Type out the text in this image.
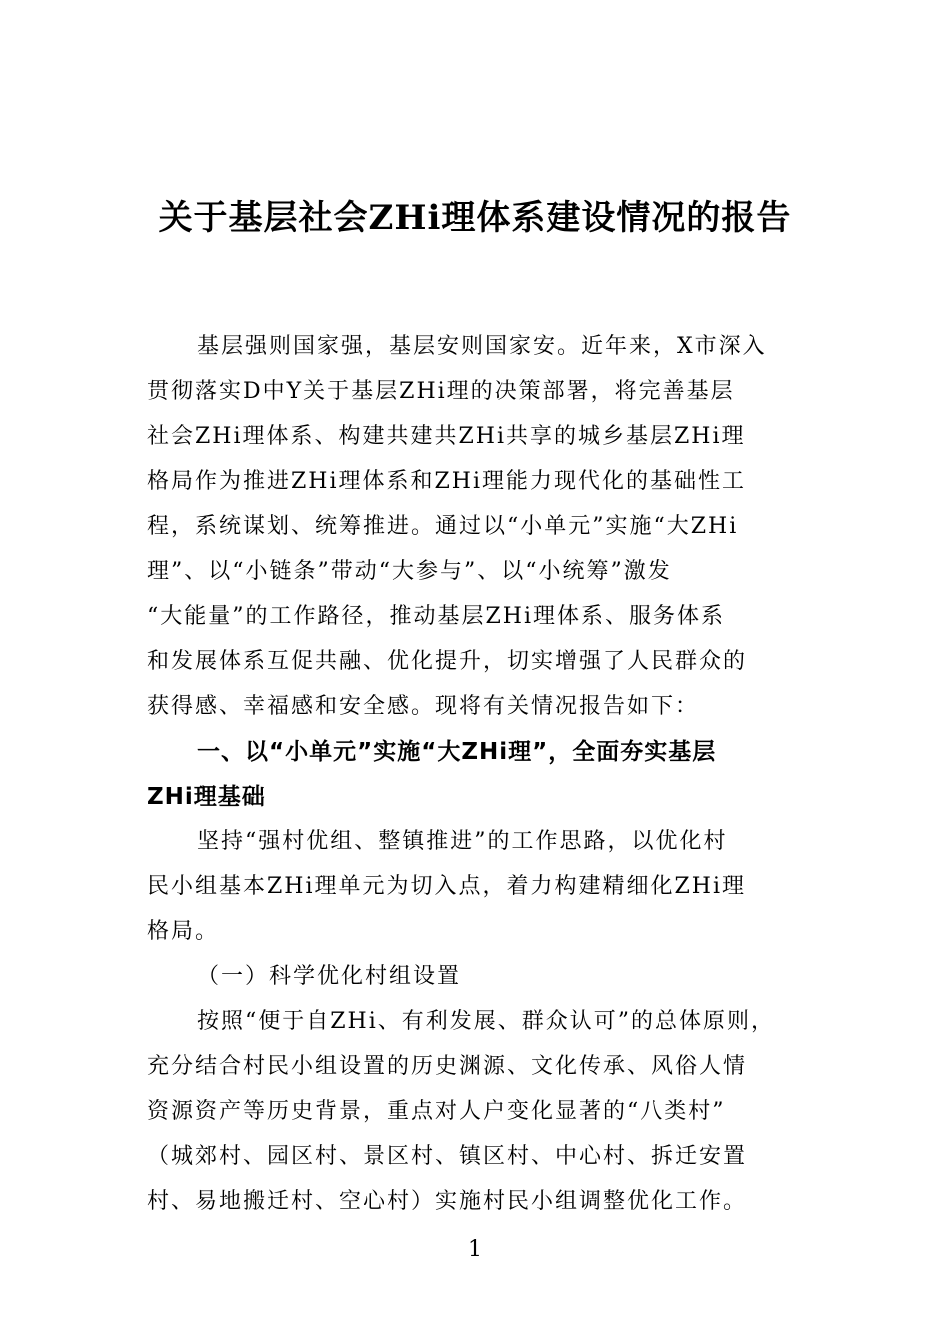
关于基层社会ZHi理体系建设情况的报告
基层强则国家强，基层安则国家安。近年来，X市深入
贯彻落实D中Y关于基层ZHi理的决策部署，将完善基层
社会ZHi理体系、构建共建共ZHi共享的城乡基层ZHi理
格局作为推进ZHi理体系和ZHi理能力现代化的基础性工
程，系统谋划、统筹推进。通过以“小单元”实施“大ZHi
理”、以“小链条”带动“大参与”、以“小统筹”激发
“大能量”的工作路径，推动基层ZHi理体系、服务体系
和发展体系互促共融、优化提升，切实增强了人民群众的
获得感、幸福感和安全感。现将有关情况报告如下：
一、以“小单元”实施“大ZHi理”，全面夯实基层
ZHi理基础
坚持“强村优组、整镇推进”的工作思路，以优化村
民小组基本ZHi理单元为切入点，着力构建精细化ZHi理
格局。
（一）科学优化村组设置
按照“便于自ZHi、有利发展、群众认可”的总体原则，
充分结合村民小组设置的历史渊源、文化传承、风俗人情
资源资产等历史背景，重点对人户变化显著的“八类村”
（城郊村、园区村、景区村、镇区村、中心村、拆迁安置
村、易地搬迁村、空心村）实施村民小组调整优化工作。
1
